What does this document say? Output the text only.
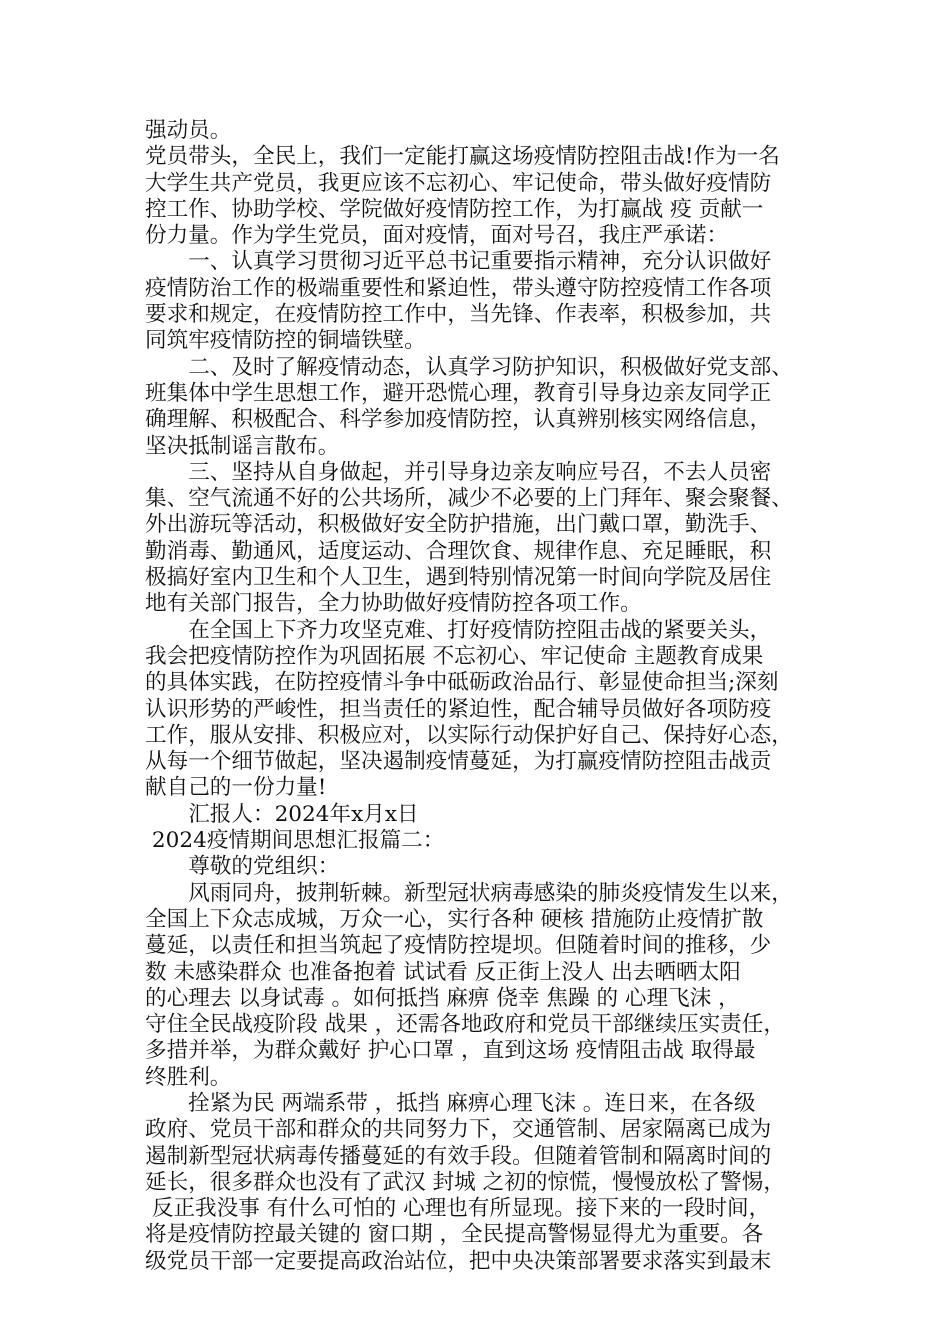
强动员。
党员带头，全民上，我们一定能打赢这场疫情防控阻击战!作为一名
大学生共产党员，我更应该不忘初心、牢记使命，带头做好疫情防
控工作、协助学校、学院做好疫情防控工作，为打赢战 疫 贡献一
份力量。作为学生党员，面对疫情，面对号召，我庄严承诺：
　　一、认真学习贯彻习近平总书记重要指示精神，充分认识做好
疫情防治工作的极端重要性和紧迫性，带头遵守防控疫情工作各项
要求和规定，在疫情防控工作中，当先锋、作表率，积极参加，共
同筑牢疫情防控的铜墙铁壁。
　　二、及时了解疫情动态，认真学习防护知识，积极做好党支部、
班集体中学生思想工作，避开恐慌心理，教育引导身边亲友同学正
确理解、积极配合、科学参加疫情防控，认真辨别核实网络信息，
坚决抵制谣言散布。
　　三、坚持从自身做起，并引导身边亲友响应号召，不去人员密
集、空气流通不好的公共场所，减少不必要的上门拜年、聚会聚餐、
外出游玩等活动，积极做好安全防护措施，出门戴口罩，勤洗手、
勤消毒、勤通风，适度运动、合理饮食、规律作息、充足睡眠，积
极搞好室内卫生和个人卫生，遇到特别情况第一时间向学院及居住
地有关部门报告，全力协助做好疫情防控各项工作。
　　在全国上下齐力攻坚克难、打好疫情防控阻击战的紧要关头，
我会把疫情防控作为巩固拓展 不忘初心、牢记使命 主题教育成果
的具体实践，在防控疫情斗争中砥砺政治品行、彰显使命担当;深刻
认识形势的严峻性，担当责任的紧迫性，配合辅导员做好各项防疫
工作，服从安排、积极应对，以实际行动保护好自己、保持好心态，
从每一个细节做起，坚决遏制疫情蔓延，为打赢疫情防控阻击战贡
献自己的一份力量!
　　汇报人：2024年x月x日
2024疫情期间思想汇报篇二：
　　尊敬的党组织：
　　风雨同舟，披荆斩棘。新型冠状病毒感染的肺炎疫情发生以来，
全国上下众志成城，万众一心，实行各种 硬核 措施防止疫情扩散
蔓延，以责任和担当筑起了疫情防控堤坝。但随着时间的推移，少
数 未感染群众 也准备抱着 试试看 反正街上没人 出去晒晒太阳
的心理去 以身试毒 。如何抵挡 麻痹 侥幸 焦躁 的 心理飞沫 ，
守住全民战疫阶段 战果 ，还需各地政府和党员干部继续压实责任，
多措并举，为群众戴好 护心口罩 ，直到这场 疫情阻击战 取得最
终胜利。
　　拴紧为民 两端系带 ，抵挡 麻痹心理飞沫 。连日来，在各级
政府、党员干部和群众的共同努力下，交通管制、居家隔离已成为
遏制新型冠状病毒传播蔓延的有效手段。但随着管制和隔离时间的
延长，很多群众也没有了武汉 封城 之初的惊慌，慢慢放松了警惕，
反正我没事 有什么可怕的 心理也有所显现。接下来的一段时间，
将是疫情防控最关键的 窗口期 ，全民提高警惕显得尤为重要。各
级党员干部一定要提高政治站位，把中央决策部署要求落实到最末
